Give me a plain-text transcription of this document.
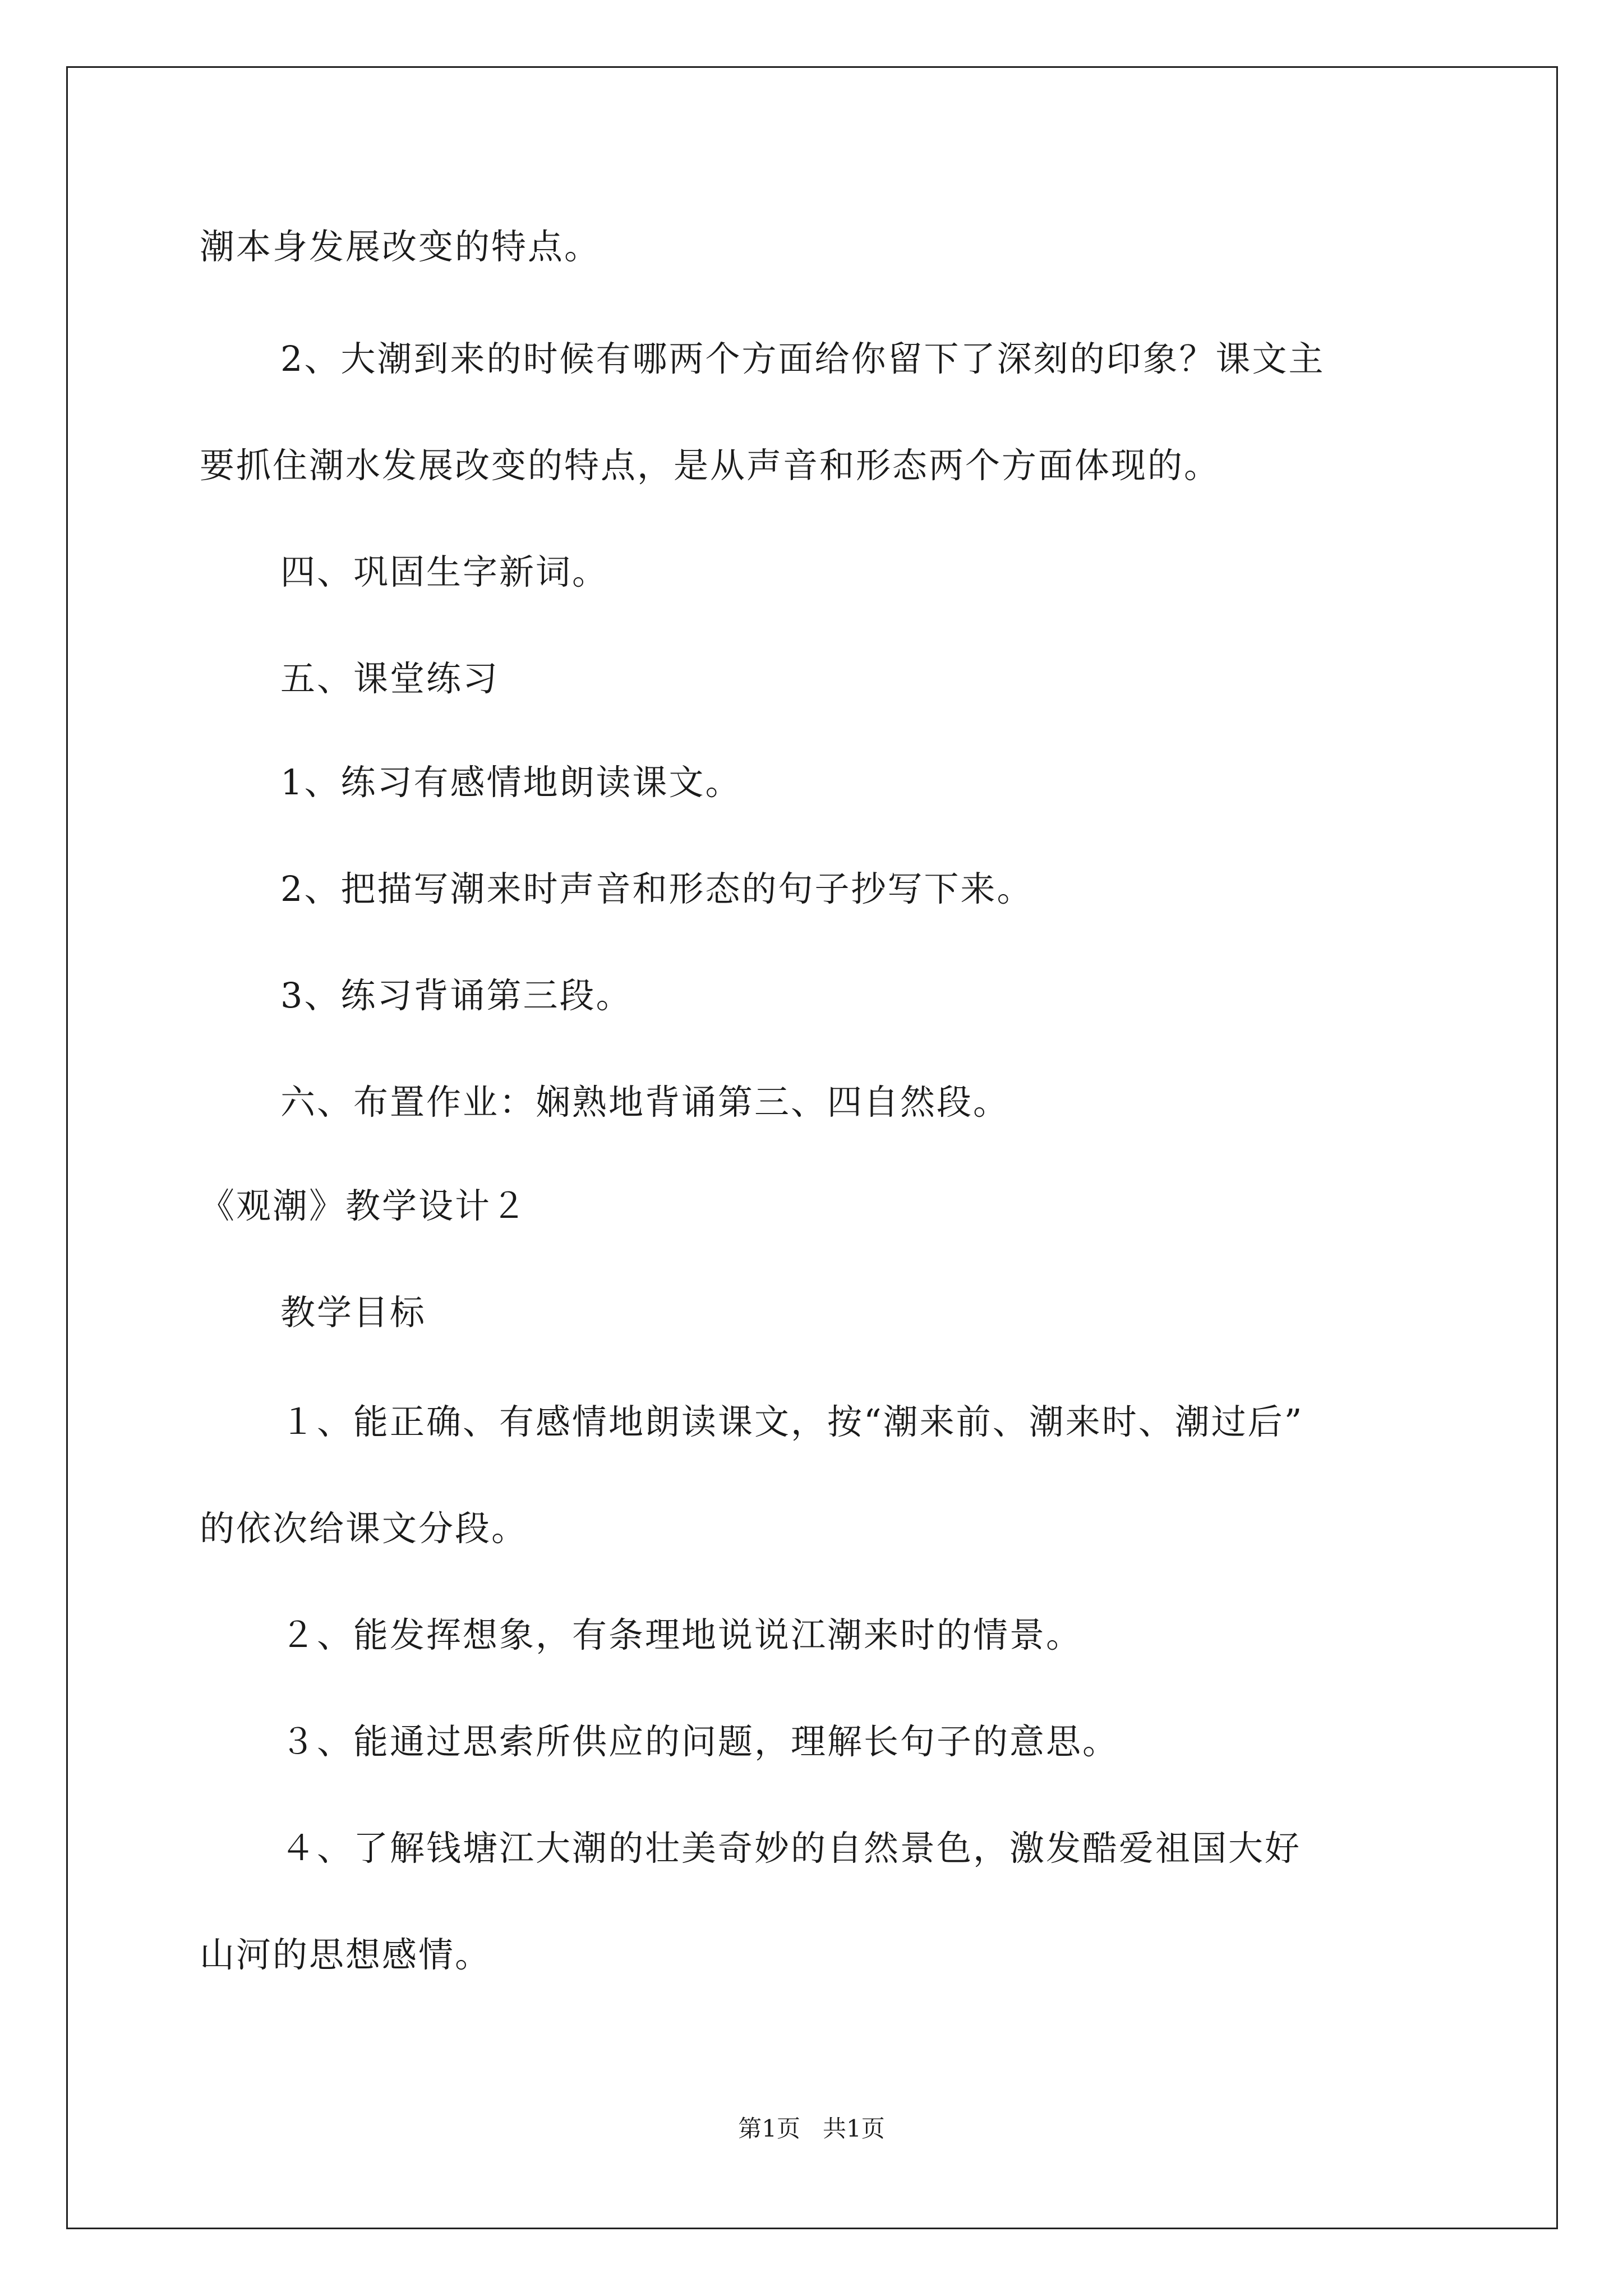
潮本身发展改变的特点。
2、大潮到来的时候有哪两个方面给你留下了深刻的印象？课文主
要抓住潮水发展改变的特点，是从声音和形态两个方面体现的。
四、巩固生字新词。
五、课堂练习
1、练习有感情地朗读课文。
2、把描写潮来时声音和形态的句子抄写下来。
3、练习背诵第三段。
六、布置作业：娴熟地背诵第三、四自然段。
《观潮》教学设计２
教学目标
１、能正确、有感情地朗读课文，按“潮来前、潮来时、潮过后”
的依次给课文分段。
２、能发挥想象，有条理地说说江潮来时的情景。
３、能通过思索所供应的问题，理解长句子的意思。
４、了解钱塘江大潮的壮美奇妙的自然景色，激发酷爱祖国大好
山河的思想感情。
第1页   共1页
